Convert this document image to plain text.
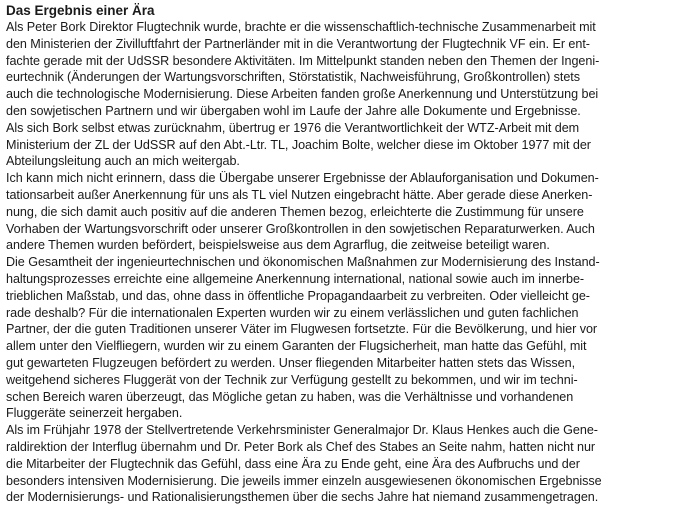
Das Ergebnis einer Ära
Als Peter Bork Direktor Flugtechnik wurde, brachte er die wissenschaftlich-technische Zusammenarbeit mit
den Ministerien der Zivilluftfahrt der Partnerländer mit in die Verantwortung der Flugtechnik VF ein. Er ent-
fachte gerade mit der UdSSR besondere Aktivitäten. Im Mittelpunkt standen neben den Themen der Ingeni-
eurtechnik (Änderungen der Wartungsvorschriften, Störstatistik, Nachweisführung, Großkontrollen) stets
auch die technologische Modernisierung. Diese Arbeiten fanden große Anerkennung und Unterstützung bei
den sowjetischen Partnern und wir übergaben wohl im Laufe der Jahre alle Dokumente und Ergebnisse.
Als sich Bork selbst etwas zurücknahm, übertrug er 1976 die Verantwortlichkeit der WTZ-Arbeit mit dem
Ministerium der ZL der UdSSR auf den Abt.-Ltr. TL, Joachim Bolte, welcher diese im Oktober 1977 mit der
Abteilungsleitung auch an mich weitergab.
Ich kann mich nicht erinnern, dass die Übergabe unserer Ergebnisse der Ablauforganisation und Dokumen-
tationsarbeit außer Anerkennung für uns als TL viel Nutzen eingebracht hätte. Aber gerade diese Anerken-
nung, die sich damit auch positiv auf die anderen Themen bezog, erleichterte die Zustimmung für unsere
Vorhaben der Wartungsvorschrift oder unserer Großkontrollen in den sowjetischen Reparaturwerken. Auch
andere Themen wurden befördert, beispielsweise aus dem Agrarflug, die zeitweise beteiligt waren.
Die Gesamtheit der ingenieurtechnischen und ökonomischen Maßnahmen zur Modernisierung des Instand-
haltungsprozesses erreichte eine allgemeine Anerkennung international, national sowie auch im innerbe-
trieblichen Maßstab, und das, ohne dass in öffentliche Propagandaarbeit zu verbreiten. Oder vielleicht ge-
rade deshalb? Für die internationalen Experten wurden wir zu einem verlässlichen und guten fachlichen
Partner, der die guten Traditionen unserer Väter im Flugwesen fortsetzte. Für die Bevölkerung, und hier vor
allem unter den Vielfliegern, wurden wir zu einem Garanten der Flugsicherheit, man hatte das Gefühl, mit
gut gewarteten Flugzeugen befördert zu werden. Unser fliegenden Mitarbeiter hatten stets das Wissen,
weitgehend sicheres Fluggerät von der Technik zur Verfügung gestellt zu bekommen, und wir im techni-
schen Bereich waren überzeugt, das Mögliche getan zu haben, was die Verhältnisse und vorhandenen
Fluggeräte seinerzeit hergaben.
Als im Frühjahr 1978 der Stellvertretende Verkehrsminister Generalmajor Dr. Klaus Henkes auch die Gene-
raldirektion der Interflug übernahm und Dr. Peter Bork als Chef des Stabes an Seite nahm, hatten nicht nur
die Mitarbeiter der Flugtechnik das Gefühl, dass eine Ära zu Ende geht, eine Ära des Aufbruchs und der
besonders intensiven Modernisierung. Die jeweils immer einzeln ausgewiesenen ökonomischen Ergebnisse
der Modernisierungs- und Rationalisierungsthemen über die sechs Jahre hat niemand zusammengetragen.
